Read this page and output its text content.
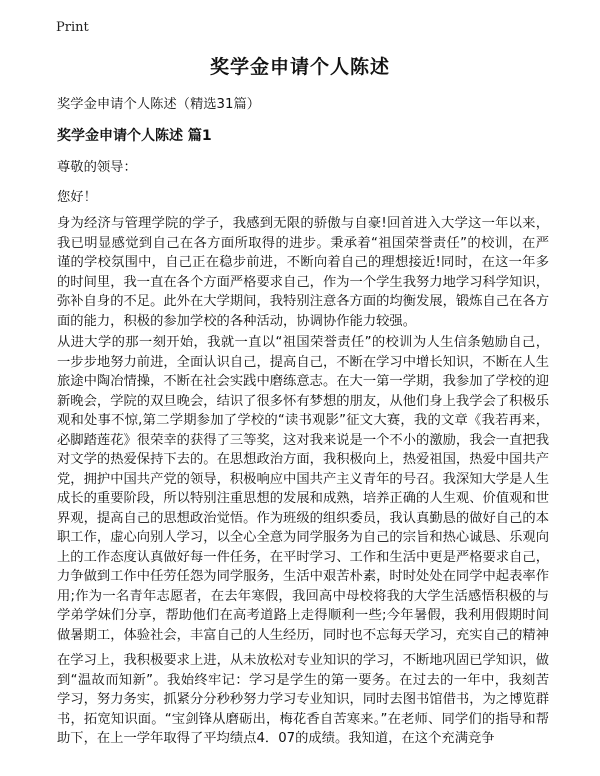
Print
奖学金申请个人陈述
奖学金申请个人陈述（精选31篇）
奖学金申请个人陈述 篇1
尊敬的领导：
您好！

身为经济与管理学院的学子，我感到无限的骄傲与自豪!回首进入大学这一年以来，我已明显感觉到自己在各方面所取得的进步。秉承着“祖国荣誉责任”的校训，在严谨的学校氛围中，自己正在稳步前进，不断向着自己的理想接近!同时，在这一年多的时间里，我一直在各个方面严格要求自己，作为一个学生我努力地学习科学知识，弥补自身的不足。此外在大学期间，我特别注意各方面的均衡发展，锻炼自己在各方面的能力，积极的参加学校的各种活动，协调协作能力较强。

从进大学的那一刻开始，我就一直以“祖国荣誉责任”的校训为人生信条勉励自己，一步步地努力前进，全面认识自己，提高自己，不断在学习中增长知识，不断在人生旅途中陶冶情操，不断在社会实践中磨练意志。在大一第一学期，我参加了学校的迎新晚会，学院的双旦晚会，结识了很多怀有梦想的朋友，从他们身上我学会了积极乐观和处事不惊,第二学期参加了学校的“读书观影”征文大赛，我的文章《我若再来，必脚踏莲花》很荣幸的获得了三等奖，这对我来说是一个不小的激励，我会一直把我对文学的热爱保持下去的。在思想政治方面，我积极向上，热爱祖国，热爱中国共产党，拥护中国共产党的领导，积极响应中国共产主义青年的号召。我深知大学是人生成长的重要阶段，所以特别注重思想的发展和成熟，培养正确的人生观、价值观和世界观，提高自己的思想政治觉悟。作为班级的组织委员，我认真勤恳的做好自己的本职工作，虚心向别人学习，以全心全意为同学服务为自己的宗旨和热心诚恳、乐观向上的工作态度认真做好每一件任务，在平时学习、工作和生活中更是严格要求自己，力争做到工作中任劳任怨为同学服务，生活中艰苦朴素，时时处处在同学中起表率作用;作为一名青年志愿者，在去年寒假，我回高中母校将我的大学生活感悟积极的与学弟学妹们分享，帮助他们在高考道路上走得顺利一些;今年暑假，我利用假期时间做暑期工，体验社会，丰富自己的人生经历，同时也不忘每天学习，充实自己的精神

在学习上，我积极要求上进，从未放松对专业知识的学习，不断地巩固已学知识，做到“温故而知新”。我始终牢记：学习是学生的第一要务。在过去的一年中，我刻苦学习，努力务实，抓紧分分秒秒努力学习专业知识，同时去图书馆借书，为之博览群书，拓宽知识面。“宝剑锋从磨砺出，梅花香自苦寒来。”在老师、同学们的指导和帮助下，在上一学年取得了平均绩点4．07的成绩。我知道，在这个充满竞争
